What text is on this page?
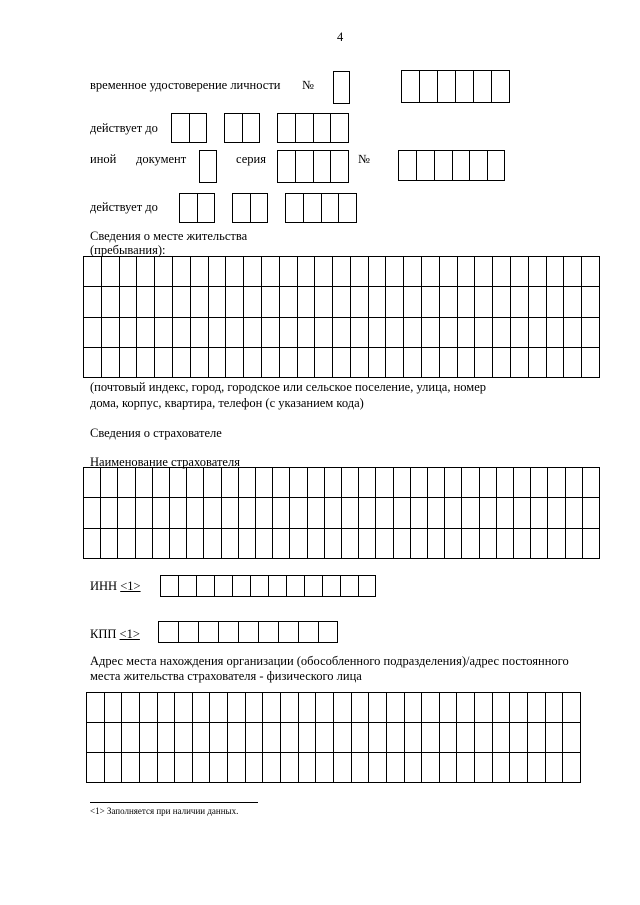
4
временное удостоверение личности №
действует до
иной документ	серия	№
действует до
Сведения о месте жительства
(пребывания):
(почтовый индекс, город, городское или сельское поселение, улица, номер
дома, корпус, квартира, телефон (с указанием кода)
Сведения о страхователе
Наименование страхователя
ИНН <1>
КПП <1>
Адрес места нахождения организации (обособленного подразделения)/адрес постоянного
места жительства страхователя - физического лица
<1> Заполняется при наличии данных.
